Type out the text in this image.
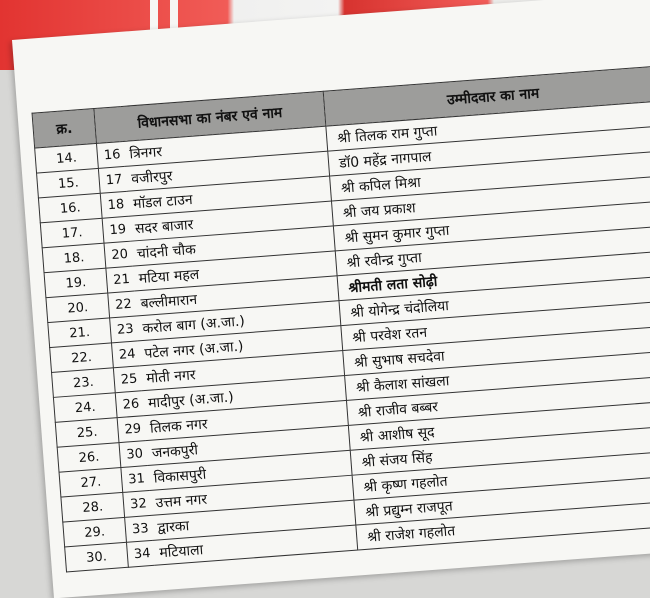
क्र.	विधानसभा का नंबर एवं नाम		उम्मीदवार का नाम
14.	16	त्रिनगर	श्री तिलक राम गुप्ता
15.	17	वजीरपुर	डॉ0 महेंद्र नागपाल
16.	18	मॉडल टाउन	श्री कपिल मिश्रा
17.	19	सदर बाजार	श्री जय प्रकाश
18.	20	चांदनी चौक	श्री सुमन कुमार गुप्ता
19.	21	मटिया महल	श्री रवीन्द्र गुप्ता
20.	22	बल्लीमारान	श्रीमती लता सोढ़ी
21.	23	करोल बाग (अ.जा.)	श्री योगेन्द्र चंदोलिया
22.	24	पटेल नगर (अ.जा.)	श्री परवेश रतन
23.	25	मोती नगर	श्री सुभाष सचदेवा
24.	26	मादीपुर (अ.जा.)	श्री कैलाश सांखला
25.	29	तिलक नगर	श्री राजीव बब्बर
26.	30	जनकपुरी	श्री आशीष सूद
27.	31	विकासपुरी	श्री संजय सिंह
28.	32	उत्तम नगर	श्री कृष्ण गहलोत
29.	33	द्वारका	श्री प्रद्युम्न राजपूत
30.	34	मटियाला	श्री राजेश गहलोत
